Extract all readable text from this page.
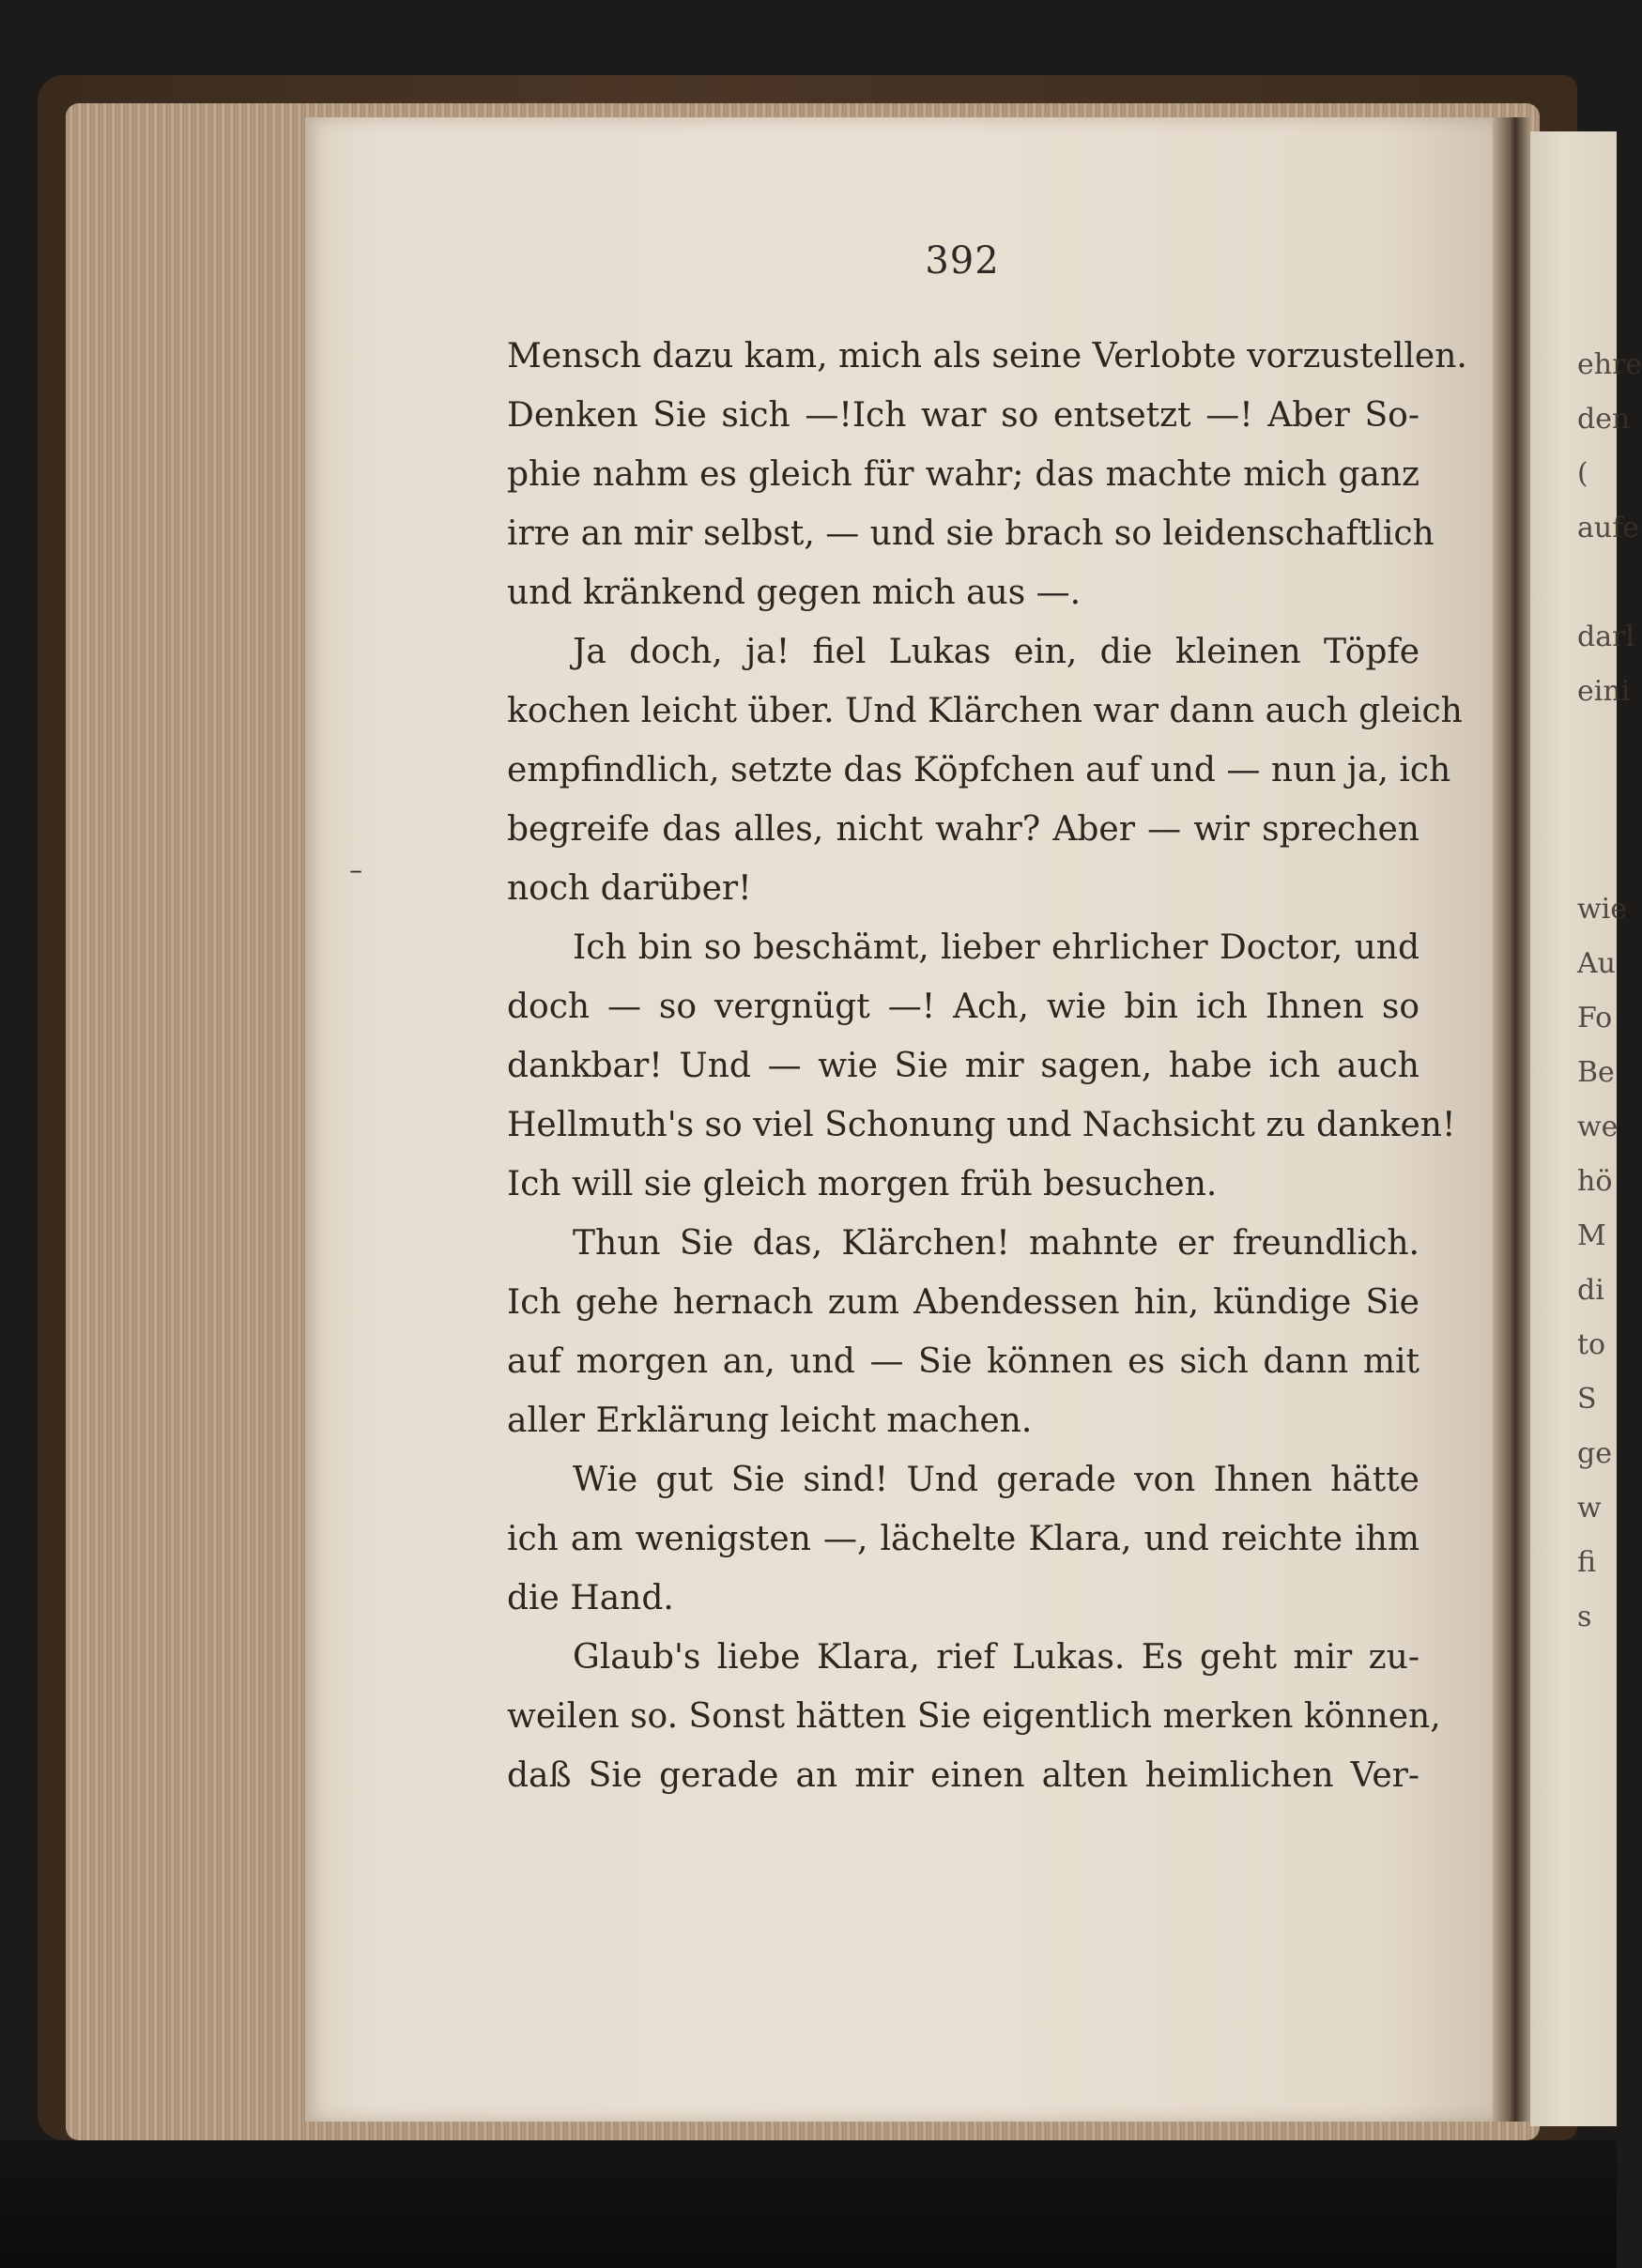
ehre
den
(
aufe
darl
eini
wie
Au
Fo
Be
we
hö
M
di
to
S
ge
w
fi
s
–
392
Mensch dazu kam, mich als seine Verlobte vorzustellen.
Denken Sie sich —!Ich war so entsetzt —! Aber So-
phie nahm es gleich für wahr; das machte mich ganz
irre an mir selbst, — und sie brach so leidenschaftlich
und kränkend gegen mich aus —.
Ja doch, ja! fiel Lukas ein, die kleinen Töpfe
kochen leicht über. Und Klärchen war dann auch gleich
empfindlich, setzte das Köpfchen auf und — nun ja, ich
begreife das alles, nicht wahr? Aber — wir sprechen
noch darüber!
Ich bin so beschämt, lieber ehrlicher Doctor, und
doch — so vergnügt —! Ach, wie bin ich Ihnen so
dankbar! Und — wie Sie mir sagen, habe ich auch
Hellmuth's so viel Schonung und Nachsicht zu danken!
Ich will sie gleich morgen früh besuchen.
Thun Sie das, Klärchen! mahnte er freundlich.
Ich gehe hernach zum Abendessen hin, kündige Sie
auf morgen an, und — Sie können es sich dann mit
aller Erklärung leicht machen.
Wie gut Sie sind! Und gerade von Ihnen hätte
ich am wenigsten —, lächelte Klara, und reichte ihm
die Hand.
Glaub's liebe Klara, rief Lukas. Es geht mir zu-
weilen so. Sonst hätten Sie eigentlich merken können,
daß Sie gerade an mir einen alten heimlichen Ver-
